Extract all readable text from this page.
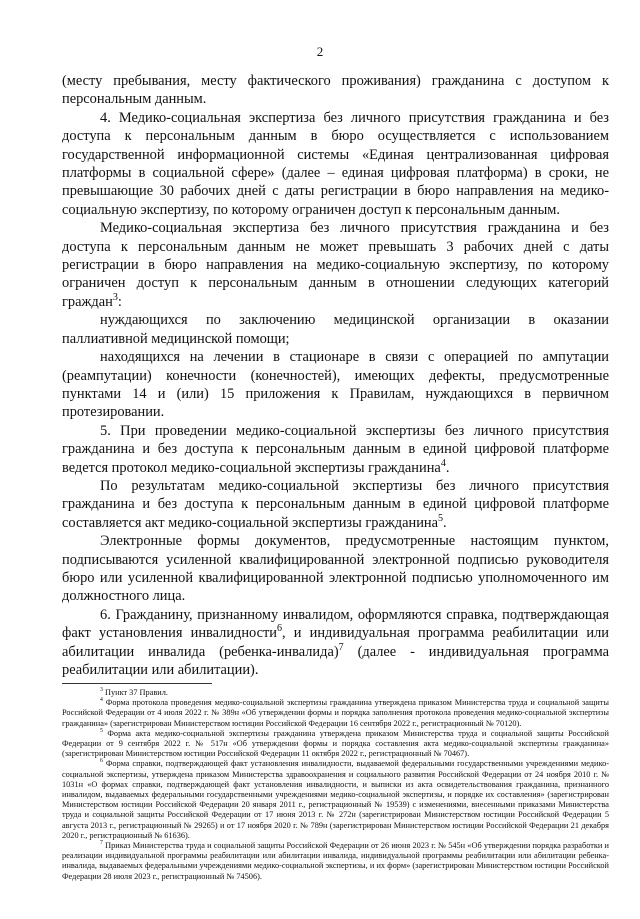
2

(месту пребывания, месту фактического проживания) гражданина с доступом к персональным данным.

4. Медико-социальная экспертиза без личного присутствия гражданина и без доступа к персональным данным в бюро осуществляется с использованием государственной информационной системы «Единая централизованная цифровая платформы в социальной сфере» (далее – единая цифровая платформа) в сроки, не превышающие 30 рабочих дней с даты регистрации в бюро направления на медико-социальную экспертизу, по которому ограничен доступ к персональным данным.

Медико-социальная экспертиза без личного присутствия гражданина и без доступа к персональным данным не может превышать 3 рабочих дней с даты регистрации в бюро направления на медико-социальную экспертизу, по которому ограничен доступ к персональным данным в отношении следующих категорий граждан$^3$:

нуждающихся по заключению медицинской организации в оказании паллиативной медицинской помощи;

находящихся на лечении в стационаре в связи с операцией по ампутации (реампутации) конечности (конечностей), имеющих дефекты, предусмотренные пунктами 14 и (или) 15 приложения к Правилам, нуждающихся в первичном протезировании.

5. При проведении медико-социальной экспертизы без личного присутствия гражданина и без доступа к персональным данным в единой цифровой платформе ведется протокол медико-социальной экспертизы гражданина$^4$.

По результатам медико-социальной экспертизы без личного присутствия гражданина и без доступа к персональным данным в единой цифровой платформе составляется акт медико-социальной экспертизы гражданина$^5$.

Электронные формы документов, предусмотренные настоящим пунктом, подписываются усиленной квалифицированной электронной подписью руководителя бюро или усиленной квалифицированной электронной подписью уполномоченного им должностного лица.

6. Гражданину, признанному инвалидом, оформляются справка, подтверждающая факт установления инвалидности$^6$, и индивидуальная программа реабилитации или абилитации инвалида (ребенка-инвалида)$^7$ (далее - индивидуальная программа реабилитации или абилитации).

$^3$ Пункт 37 Правил.

$^4$ Форма протокола проведения медико-социальной экспертизы гражданина утверждена приказом Министерства труда и социальной защиты Российской Федерации от 4 июля 2022 г. № 389н «Об утверждении формы и порядка заполнения протокола проведения медико-социальной экспертизы гражданина» (зарегистрирован Министерством юстиции Российской Федерации 16 сентября 2022 г., регистрационный № 70120).

$^5$ Форма акта медико-социальной экспертизы гражданина утверждена приказом Министерства труда и социальной защиты Российской Федерации от 9 сентября 2022 г. № 517н «Об утверждении формы и порядка составления акта медико-социальной экспертизы гражданина» (зарегистрирован Министерством юстиции Российской Федерации 11 октября 2022 г., регистрационный № 70467).

$^6$ Форма справки, подтверждающей факт установления инвалидности, выдаваемой федеральными государственными учреждениями медико-социальной экспертизы, утверждена приказом Министерства здравоохранения и социального развития Российской Федерации от 24 ноября 2010 г. № 1031н «О формах справки, подтверждающей факт установления инвалидности, и выписки из акта освидетельствования гражданина, признанного инвалидом, выдаваемых федеральными государственными учреждениями медико-социальной экспертизы, и порядке их составления» (зарегистрирован Министерством юстиции Российской Федерации 20 января 2011 г., регистрационный № 19539) с изменениями, внесенными приказами Министерства труда и социальной защиты Российской Федерации от 17 июня 2013 г. № 272н (зарегистрирован Министерством юстиции Российской Федерации 5 августа 2013 г., регистрационный № 29265) и от 17 ноября 2020 г. № 789н (зарегистрирован Министерством юстиции Российской Федерации 21 декабря 2020 г., регистрационный № 61636).

$^7$ Приказ Министерства труда и социальной защиты Российской Федерации от 26 июня 2023 г. № 545н «Об утверждении порядка разработки и реализации индивидуальной программы реабилитации или абилитации инвалида, индивидуальной программы реабилитации или абилитации ребенка-инвалида, выдаваемых федеральными учреждениями медико-социальной экспертизы, и их форм» (зарегистрирован Министерством юстиции Российской Федерации 28 июля 2023 г., регистрационный № 74506).
